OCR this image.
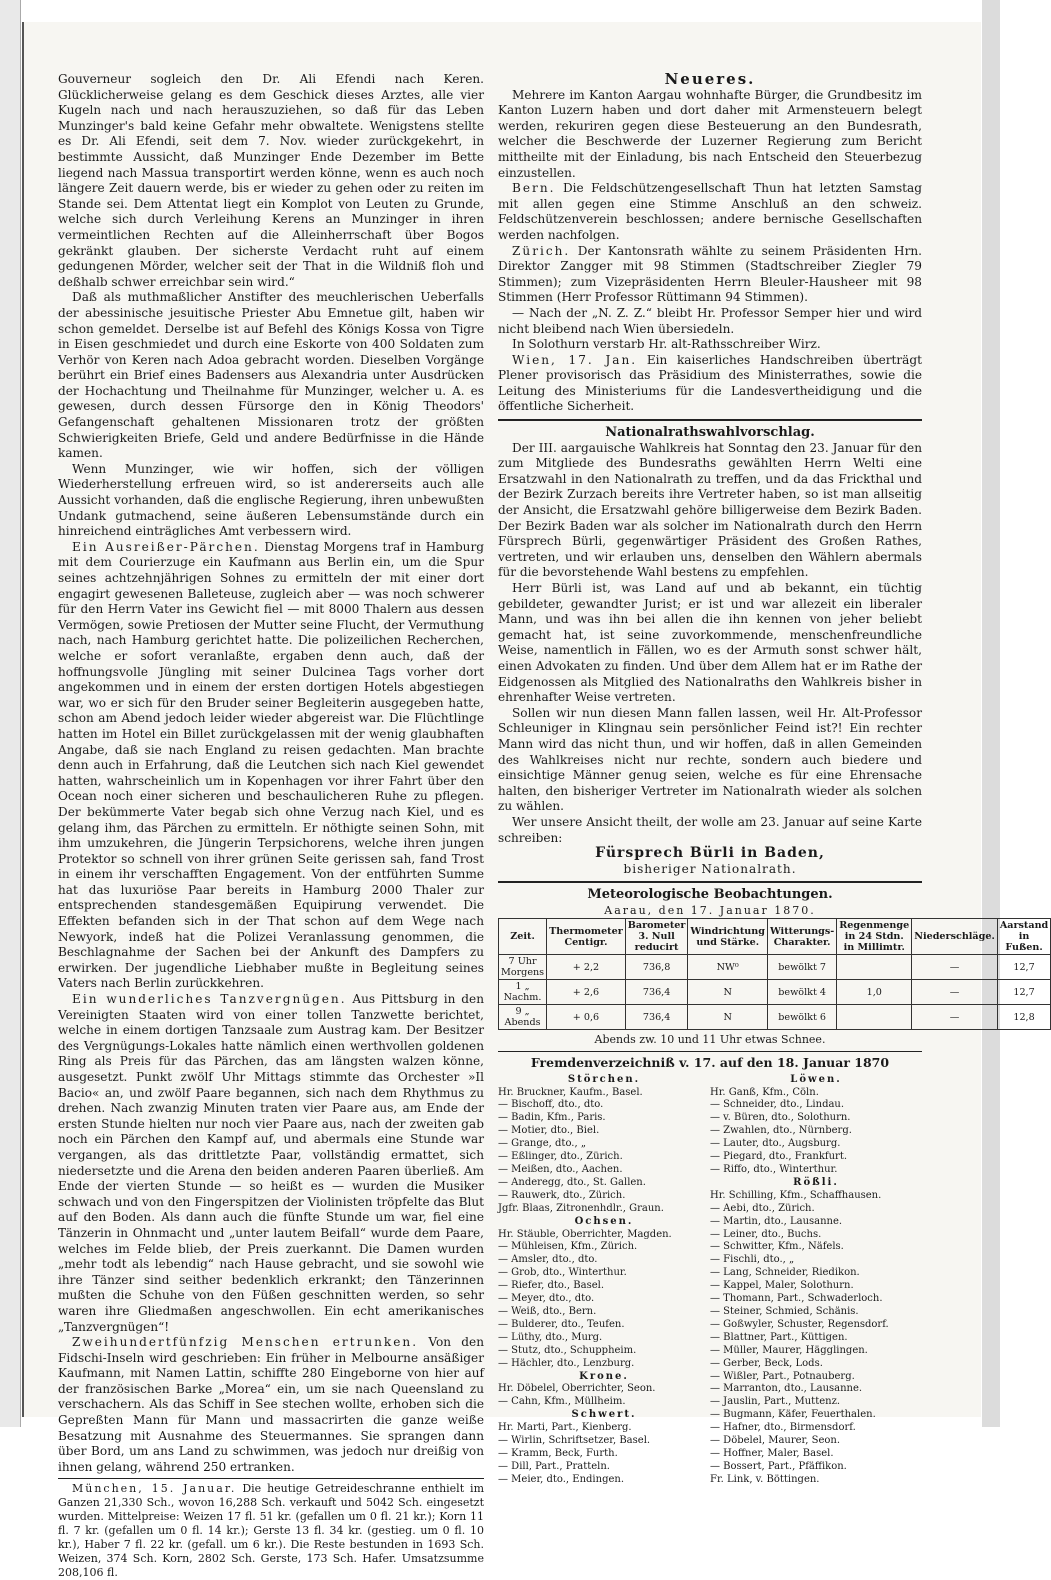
Gouverneur sogleich den Dr. Ali Efendi nach Keren. Glücklicherweise gelang es dem Geschick dieses Arztes, alle vier Kugeln nach und nach herauszuziehen, so daß für das Leben Munzinger's bald keine Gefahr mehr obwaltete. Wenigstens stellte es Dr. Ali Efendi, seit dem 7. Nov. wieder zurückgekehrt, in bestimmte Aussicht, daß Munzinger Ende Dezember im Bette liegend nach Massua transportirt werden könne, wenn es auch noch längere Zeit dauern werde, bis er wieder zu gehen oder zu reiten im Stande sei. Dem Attentat liegt ein Komplot von Leuten zu Grunde, welche sich durch Verleihung Kerens an Munzinger in ihren vermeintlichen Rechten auf die Alleinherrschaft über Bogos gekränkt glauben. Der sicherste Verdacht ruht auf einem gedungenen Mörder, welcher seit der That in die Wildniß floh und deßhalb schwer erreichbar sein wird.“

Daß als muthmaßlicher Anstifter des meuchlerischen Ueberfalls der abessinische jesuitische Priester Abu Emnetue gilt, haben wir schon gemeldet. Derselbe ist auf Befehl des Königs Kossa von Tigre in Eisen geschmiedet und durch eine Eskorte von 400 Soldaten zum Verhör von Keren nach Adoa gebracht worden. Dieselben Vorgänge berührt ein Brief eines Badensers aus Alexandria unter Ausdrücken der Hochachtung und Theilnahme für Munzinger, welcher u. A. es gewesen, durch dessen Fürsorge den in König Theodors' Gefangenschaft gehaltenen Missionaren trotz der größten Schwierigkeiten Briefe, Geld und andere Bedürfnisse in die Hände kamen.

Wenn Munzinger, wie wir hoffen, sich der völligen Wiederherstellung erfreuen wird, so ist andererseits auch alle Aussicht vorhanden, daß die englische Regierung, ihren unbewußten Undank gutmachend, seine äußeren Lebensumstände durch ein hinreichend einträgliches Amt verbessern wird.

Ein Ausreißer-Pärchen. Dienstag Morgens traf in Hamburg mit dem Courierzuge ein Kaufmann aus Berlin ein, um die Spur seines achtzehnjährigen Sohnes zu ermitteln der mit einer dort engagirt gewesenen Balleteuse, zugleich aber — was noch schwerer für den Herrn Vater ins Gewicht fiel — mit 8000 Thalern aus dessen Vermögen, sowie Pretiosen der Mutter seine Flucht, der Vermuthung nach, nach Hamburg gerichtet hatte. Die polizeilichen Recherchen, welche er sofort veranlaßte, ergaben denn auch, daß der hoffnungsvolle Jüngling mit seiner Dulcinea Tags vorher dort angekommen und in einem der ersten dortigen Hotels abgestiegen war, wo er sich für den Bruder seiner Begleiterin ausgegeben hatte, schon am Abend jedoch leider wieder abgereist war. Die Flüchtlinge hatten im Hotel ein Billet zurückgelassen mit der wenig glaubhaften Angabe, daß sie nach England zu reisen gedachten. Man brachte denn auch in Erfahrung, daß die Leutchen sich nach Kiel gewendet hatten, wahrscheinlich um in Kopenhagen vor ihrer Fahrt über den Ocean noch einer sicheren und beschaulicheren Ruhe zu pflegen. Der bekümmerte Vater begab sich ohne Verzug nach Kiel, und es gelang ihm, das Pärchen zu ermitteln. Er nöthigte seinen Sohn, mit ihm umzukehren, die Jüngerin Terpsichorens, welche ihren jungen Protektor so schnell von ihrer grünen Seite gerissen sah, fand Trost in einem ihr verschafften Engagement. Von der entführten Summe hat das luxuriöse Paar bereits in Hamburg 2000 Thaler zur entsprechenden standesgemäßen Equipirung verwendet. Die Effekten befanden sich in der That schon auf dem Wege nach Newyork, indeß hat die Polizei Veranlassung genommen, die Beschlagnahme der Sachen bei der Ankunft des Dampfers zu erwirken. Der jugendliche Liebhaber mußte in Begleitung seines Vaters nach Berlin zurückkehren.

Ein wunderliches Tanzvergnügen. Aus Pittsburg in den Vereinigten Staaten wird von einer tollen Tanzwette berichtet, welche in einem dortigen Tanzsaale zum Austrag kam. Der Besitzer des Vergnügungs-Lokales hatte nämlich einen werthvollen goldenen Ring als Preis für das Pärchen, das am längsten walzen könne, ausgesetzt. Punkt zwölf Uhr Mittags stimmte das Orchester »Il Bacio« an, und zwölf Paare begannen, sich nach dem Rhythmus zu drehen. Nach zwanzig Minuten traten vier Paare aus, am Ende der ersten Stunde hielten nur noch vier Paare aus, nach der zweiten gab noch ein Pärchen den Kampf auf, und abermals eine Stunde war vergangen, als das drittletzte Paar, vollständig ermattet, sich niedersetzte und die Arena den beiden anderen Paaren überließ. Am Ende der vierten Stunde — so heißt es — wurden die Musiker schwach und von den Fingerspitzen der Violinisten tröpfelte das Blut auf den Boden. Als dann auch die fünfte Stunde um war, fiel eine Tänzerin in Ohnmacht und „unter lautem Beifall“ wurde dem Paare, welches im Felde blieb, der Preis zuerkannt. Die Damen wurden „mehr todt als lebendig“ nach Hause gebracht, und sie sowohl wie ihre Tänzer sind seither bedenklich erkrankt; den Tänzerinnen mußten die Schuhe von den Füßen geschnitten werden, so sehr waren ihre Gliedmaßen angeschwollen. Ein echt amerikanisches „Tanzvergnügen“!

Zweihundertfünfzig Menschen ertrunken. Von den Fidschi-Inseln wird geschrieben: Ein früher in Melbourne ansäßiger Kaufmann, mit Namen Lattin, schiffte 280 Eingeborne von hier auf der französischen Barke „Morea“ ein, um sie nach Queensland zu verschachern. Als das Schiff in See stechen wollte, erhoben sich die Gepreßten Mann für Mann und massacrirten die ganze weiße Besatzung mit Ausnahme des Steuermannes. Sie sprangen dann über Bord, um ans Land zu schwimmen, was jedoch nur dreißig von ihnen gelang, während 250 ertranken.

München, 15. Januar. Die heutige Getreideschranne enthielt im Ganzen 21,330 Sch., wovon 16,288 Sch. verkauft und 5042 Sch. eingesetzt wurden. Mittelpreise: Weizen 17 fl. 51 kr. (gefallen um 0 fl. 21 kr.); Korn 11 fl. 7 kr. (gefallen um 0 fl. 14 kr.); Gerste 13 fl. 34 kr. (gestieg. um 0 fl. 10 kr.), Haber 7 fl. 22 kr. (gefall. um 6 kr.). Die Reste bestunden in 1693 Sch. Weizen, 374 Sch. Korn, 2802 Sch. Gerste, 173 Sch. Hafer. Umsatzsumme 208,106 fl.

Neueres.

Mehrere im Kanton Aargau wohnhafte Bürger, die Grundbesitz im Kanton Luzern haben und dort daher mit Armensteuern belegt werden, rekuriren gegen diese Besteuerung an den Bundesrath, welcher die Beschwerde der Luzerner Regierung zum Bericht mittheilte mit der Einladung, bis nach Entscheid den Steuerbezug einzustellen.

Bern. Die Feldschützengesellschaft Thun hat letzten Samstag mit allen gegen eine Stimme Anschluß an den schweiz. Feldschützenverein beschlossen; andere bernische Gesellschaften werden nachfolgen.

Zürich. Der Kantonsrath wählte zu seinem Präsidenten Hrn. Direktor Zangger mit 98 Stimmen (Stadtschreiber Ziegler 79 Stimmen); zum Vizepräsidenten Herrn Bleuler-Hausheer mit 98 Stimmen (Herr Professor Rüttimann 94 Stimmen).

— Nach der „N. Z. Z.“ bleibt Hr. Professor Semper hier und wird nicht bleibend nach Wien übersiedeln.

In Solothurn verstarb Hr. alt-Rathsschreiber Wirz.

Wien, 17. Jan. Ein kaiserliches Handschreiben überträgt Plener provisorisch das Präsidium des Ministerrathes, sowie die Leitung des Ministeriums für die Landesvertheidigung und die öffentliche Sicherheit.

Nationalrathswahlvorschlag.

Der III. aargauische Wahlkreis hat Sonntag den 23. Januar für den zum Mitgliede des Bundesraths gewählten Herrn Welti eine Ersatzwahl in den Nationalrath zu treffen, und da das Frickthal und der Bezirk Zurzach bereits ihre Vertreter haben, so ist man allseitig der Ansicht, die Ersatzwahl gehöre billigerweise dem Bezirk Baden. Der Bezirk Baden war als solcher im Nationalrath durch den Herrn Fürsprech Bürli, gegenwärtiger Präsident des Großen Rathes, vertreten, und wir erlauben uns, denselben den Wählern abermals für die bevorstehende Wahl bestens zu empfehlen.

Herr Bürli ist, was Land auf und ab bekannt, ein tüchtig gebildeter, gewandter Jurist; er ist und war allezeit ein liberaler Mann, und was ihn bei allen die ihn kennen von jeher beliebt gemacht hat, ist seine zuvorkommende, menschenfreundliche Weise, namentlich in Fällen, wo es der Armuth sonst schwer hält, einen Advokaten zu finden. Und über dem Allem hat er im Rathe der Eidgenossen als Mitglied des Nationalraths den Wahlkreis bisher in ehrenhafter Weise vertreten.

Sollen wir nun diesen Mann fallen lassen, weil Hr. Alt-Professor Schleuniger in Klingnau sein persönlicher Feind ist?! Ein rechter Mann wird das nicht thun, und wir hoffen, daß in allen Gemeinden des Wahlkreises nicht nur rechte, sondern auch biedere und einsichtige Männer genug seien, welche es für eine Ehrensache halten, den bisheriger Vertreter im Nationalrath wieder als solchen zu wählen.

Wer unsere Ansicht theilt, der wolle am 23. Januar auf seine Karte schreiben:

Fürsprech Bürli in Baden,
bisheriger Nationalrath.

Meteorologische Beobachtungen.

Aarau, den 17. Januar 1870.
Zeit.	Thermometer Centigr.	Barometer 3. Null reducirt	Windrichtung und Stärke.	Witterungs-Charakter.	Regenmenge in 24 Stdn. in Millimtr.	Niederschläge.	Aarstand in Fußen.
7 Uhr Morgens	+ 2,2	736,8	NW⁰	bewölkt 7		—	12,7
1 „ Nachm.	+ 2,6	736,4	N	bewölkt 4	1,0	—	12,7
9 „ Abends	+ 0,6	736,4	N	bewölkt 6		—	12,8
Abends zw. 10 und 11 Uhr etwas Schnee.

Fremdenverzeichniß v. 17. auf den 18. Januar 1870

Störchen.
Hr. Bruckner, Kaufm., Basel.
— Bischoff, dto., dto.
— Badin, Kfm., Paris.
— Motier, dto., Biel.
— Grange, dto., „
— Eßlinger, dto., Zürich.
— Meißen, dto., Aachen.
— Anderegg, dto., St. Gallen.
— Rauwerk, dto., Zürich.
Jgfr. Blaas, Zitronenhdlr., Graun.
Ochsen.
Hr. Stäuble, Oberrichter, Magden.
— Mühleisen, Kfm., Zürich.
— Amsler, dto., dto.
— Grob, dto., Winterthur.
— Riefer, dto., Basel.
— Meyer, dto., dto.
— Weiß, dto., Bern.
— Bulderer, dto., Teufen.
— Lüthy, dto., Murg.
— Stutz, dto., Schuppheim.
— Hächler, dto., Lenzburg.
Krone.
Hr. Döbelel, Oberrichter, Seon.
— Cahn, Kfm., Müllheim.
Schwert.
Hr. Marti, Part., Kienberg.
— Wirlin, Schriftsetzer, Basel.
— Kramm, Beck, Furth.
— Dill, Part., Pratteln.
— Meier, dto., Endingen.
Löwen.
Hr. Ganß, Kfm., Cöln.
— Schneider, dto., Lindau.
— v. Büren, dto., Solothurn.
— Zwahlen, dto., Nürnberg.
— Lauter, dto., Augsburg.
— Piegard, dto., Frankfurt.
— Riffo, dto., Winterthur.
Rößli.
Hr. Schilling, Kfm., Schaffhausen.
— Aebi, dto., Zürich.
— Martin, dto., Lausanne.
— Leiner, dto., Buchs.
— Schwitter, Kfm., Näfels.
— Fischli, dto., „
— Lang, Schneider, Riedikon.
— Kappel, Maler, Solothurn.
— Thomann, Part., Schwaderloch.
— Steiner, Schmied, Schänis.
— Goßwyler, Schuster, Regensdorf.
— Blattner, Part., Küttigen.
— Müller, Maurer, Hägglingen.
— Gerber, Beck, Lods.
— Wißler, Part., Potnauberg.
— Marranton, dto., Lausanne.
— Jauslin, Part., Muttenz.
— Bugmann, Käfer, Feuerthalen.
— Hafner, dto., Birmensdorf.
— Döbelel, Maurer, Seon.
— Hoffner, Maler, Basel.
— Bossert, Part., Pfäffikon.
Fr. Link, v. Böttingen.
